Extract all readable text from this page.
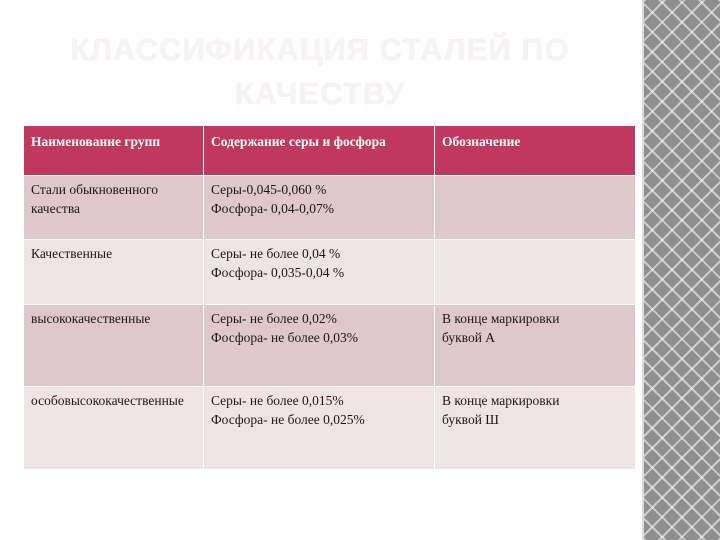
КЛАССИФИКАЦИЯ СТАЛЕЙ ПО КАЧЕСТВУ
Наименование групп	Содержание серы и фосфора	Обозначение
Стали обыкновенного качества	Серы-0,045-0,060 %
Фосфора- 0,04-0,07%	

Качественные	Серы- не более 0,04 %
Фосфора- 0,035-0,04 %	

высококачественные	Серы- не более 0,02%
Фосфора- не более 0,03%	В конце маркировки
буквой А

особовысококачественные	Серы- не более 0,015%
Фосфора- не более 0,025%	В конце маркировки
буквой Ш
